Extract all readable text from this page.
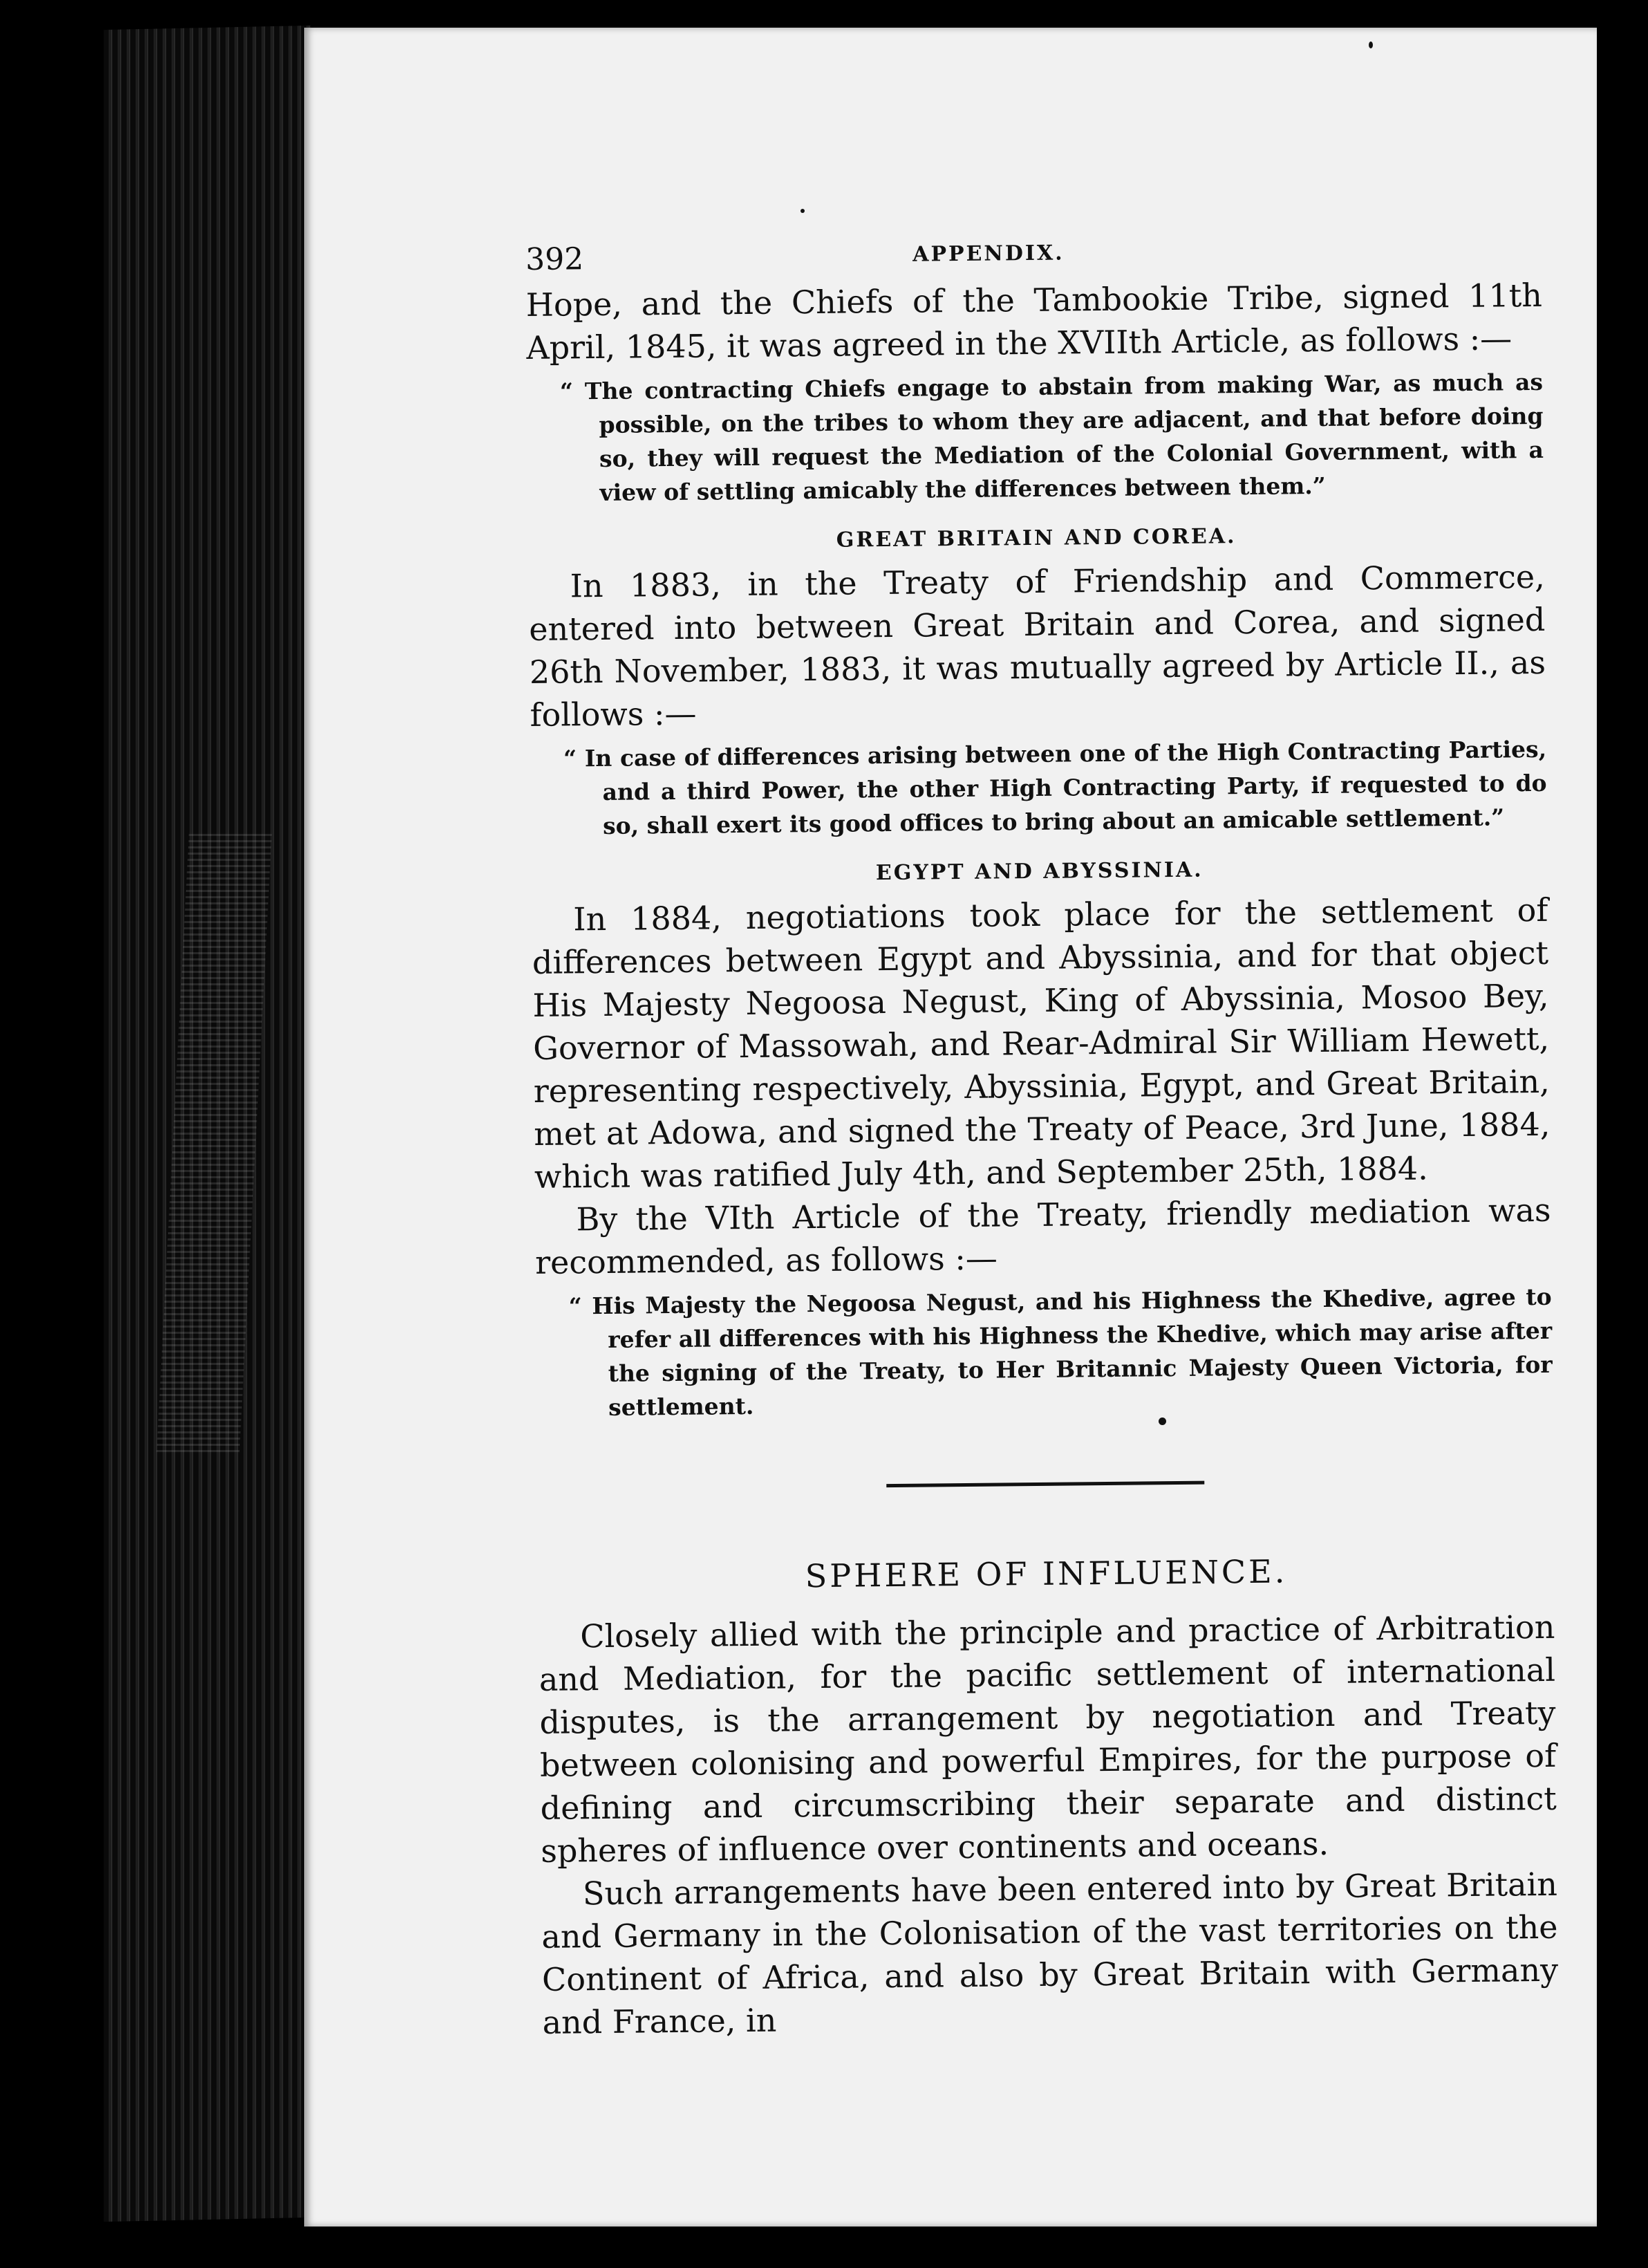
392	APPENDIX.

Hope, and the Chiefs of the Tambookie Tribe, signed 11th April, 1845, it was agreed in the XVIIth Article, as follows :—

“ The contracting Chiefs engage to abstain from making War, as much as possible, on the tribes to whom they are adjacent, and that before doing so, they will request the Mediation of the Colonial Government, with a view of settling amicably the differences between them.”

GREAT BRITAIN AND COREA.

In 1883, in the Treaty of Friendship and Commerce, entered into between Great Britain and Corea, and signed 26th November, 1883, it was mutually agreed by Article II., as follows :—

“ In case of differences arising between one of the High Contracting Parties, and a third Power, the other High Contracting Party, if requested to do so, shall exert its good offices to bring about an amicable settlement.”

EGYPT AND ABYSSINIA.

In 1884, negotiations took place for the settlement of differences between Egypt and Abyssinia, and for that object His Majesty Negoosa Negust, King of Abyssinia, Mosoo Bey, Governor of Massowah, and Rear-Admiral Sir William Hewett, representing respectively, Abyssinia, Egypt, and Great Britain, met at Adowa, and signed the Treaty of Peace, 3rd June, 1884, which was ratified July 4th, and September 25th, 1884.

By the VIth Article of the Treaty, friendly mediation was recommended, as follows :—

“ His Majesty the Negoosa Negust, and his Highness the Khedive, agree to refer all differences with his Highness the Khedive, which may arise after the signing of the Treaty, to Her Britannic Majesty Queen Victoria, for settlement.

SPHERE OF INFLUENCE.

Closely allied with the principle and practice of Arbitration and Mediation, for the pacific settlement of international disputes, is the arrangement by negotiation and Treaty between colonising and powerful Empires, for the purpose of defining and circumscribing their separate and distinct spheres of influence over continents and oceans.

Such arrangements have been entered into by Great Britain and Germany in the Colonisation of the vast territories on the Continent of Africa, and also by Great Britain with Germany and France, in
